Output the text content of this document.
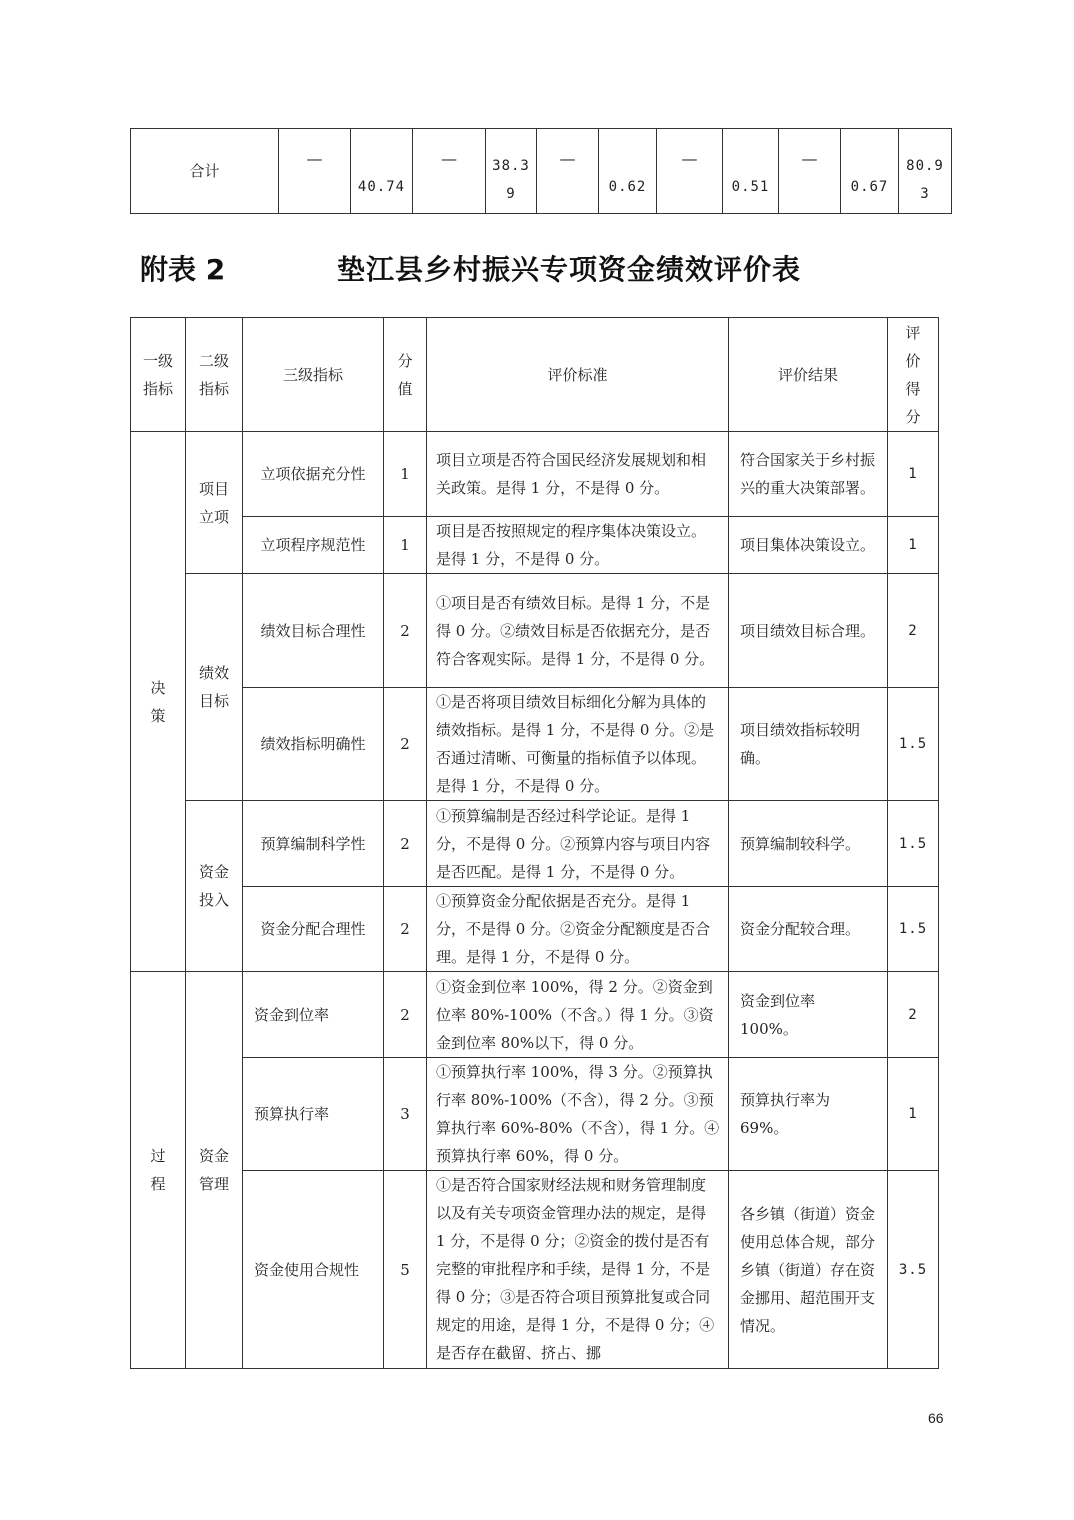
合计	—	40.74	—	38.39	—	0.62	—	0.51	—	0.67	80.93
附表 2	垫江县乡村振兴专项资金绩效评价表
一级指标	二级指标	三级指标	分值	评价标准	评价结果	评价得分
决策	项目立项	立项依据充分性	1	项目立项是否符合国民经济发展规划和相关政策。是得 1 分，不是得 0 分。	符合国家关于乡村振兴的重大决策部署。	1
		立项程序规范性	1	项目是否按照规定的程序集体决策设立。是得 1 分，不是得 0 分。	项目集体决策设立。	1
	绩效目标	绩效目标合理性	2	①项目是否有绩效目标。是得 1 分，不是得 0 分。②绩效目标是否依据充分，是否符合客观实际。是得 1 分，不是得 0 分。	项目绩效目标合理。	2
		绩效指标明确性	2	①是否将项目绩效目标细化分解为具体的绩效指标。是得 1 分，不是得 0 分。②是否通过清晰、可衡量的指标值予以体现。是得 1 分，不是得 0 分。	项目绩效指标较明确。	1.5
	资金投入	预算编制科学性	2	①预算编制是否经过科学论证。是得 1 分，不是得 0 分。②预算内容与项目内容是否匹配。是得 1 分，不是得 0 分。	预算编制较科学。	1.5
		资金分配合理性	2	①预算资金分配依据是否充分。是得 1 分，不是得 0 分。②资金分配额度是否合理。是得 1 分，不是得 0 分。	资金分配较合理。	1.5
过程	资金管理	资金到位率	2	①资金到位率 100%，得 2 分。②资金到位率 80%-100%（不含。）得 1 分。③资金到位率 80%以下，得 0 分。	资金到位率 100%。	2
		预算执行率	3	①预算执行率 100%，得 3 分。②预算执行率 80%-100%（不含），得 2 分。③预算执行率 60%-80%（不含），得 1 分。④预算执行率 60%，得 0 分。	预算执行率为 69%。	1
		资金使用合规性	5	①是否符合国家财经法规和财务管理制度以及有关专项资金管理办法的规定，是得 1 分，不是得 0 分；②资金的拨付是否有完整的审批程序和手续，是得 1 分，不是得 0 分；③是否符合项目预算批复或合同规定的用途，是得 1 分，不是得 0 分；④是否存在截留、挤占、挪	各乡镇（街道）资金使用总体合规，部分乡镇（街道）存在资金挪用、超范围开支情况。	3.5
66
